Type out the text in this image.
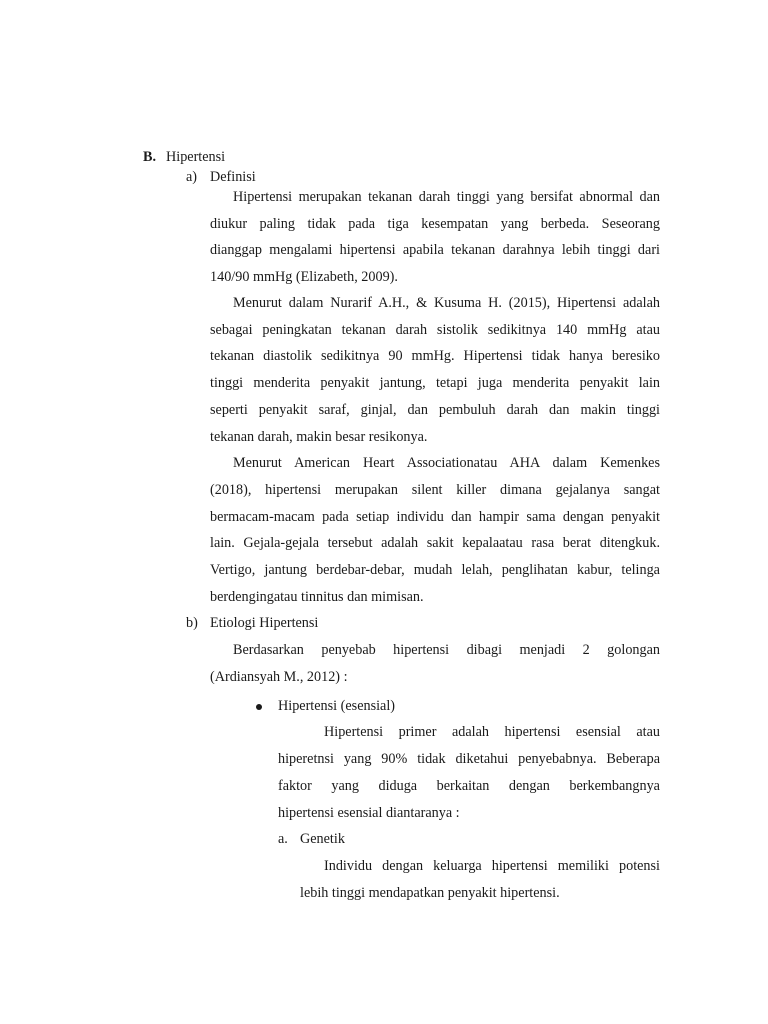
B. Hipertensi
a) Definisi
Hipertensi merupakan tekanan darah tinggi yang bersifat abnormal dan
diukur paling tidak pada tiga kesempatan yang berbeda. Seseorang
dianggap mengalami hipertensi apabila tekanan darahnya lebih tinggi dari
140/90 mmHg (Elizabeth, 2009).
Menurut dalam Nurarif A.H., & Kusuma H. (2015), Hipertensi adalah
sebagai peningkatan tekanan darah sistolik sedikitnya 140 mmHg atau
tekanan diastolik sedikitnya 90 mmHg. Hipertensi tidak hanya beresiko
tinggi menderita penyakit jantung, tetapi juga menderita penyakit lain
seperti penyakit saraf, ginjal, dan pembuluh darah dan makin tinggi
tekanan darah, makin besar resikonya.
Menurut American Heart Associationatau AHA dalam Kemenkes
(2018), hipertensi merupakan silent killer dimana gejalanya sangat
bermacam-macam pada setiap individu dan hampir sama dengan penyakit
lain. Gejala-gejala tersebut adalah sakit kepalaatau rasa berat ditengkuk.
Vertigo, jantung berdebar-debar, mudah lelah, penglihatan kabur, telinga
berdengingatau tinnitus dan mimisan.
b) Etiologi Hipertensi
Berdasarkan penyebab hipertensi dibagi menjadi 2 golongan
(Ardiansyah M., 2012) :
Hipertensi (esensial)
Hipertensi primer adalah hipertensi esensial atau
hiperetnsi yang 90% tidak diketahui penyebabnya. Beberapa
faktor yang diduga berkaitan dengan berkembangnya
hipertensi esensial diantaranya :
a. Genetik
Individu dengan keluarga hipertensi memiliki potensi
lebih tinggi mendapatkan penyakit hipertensi.
